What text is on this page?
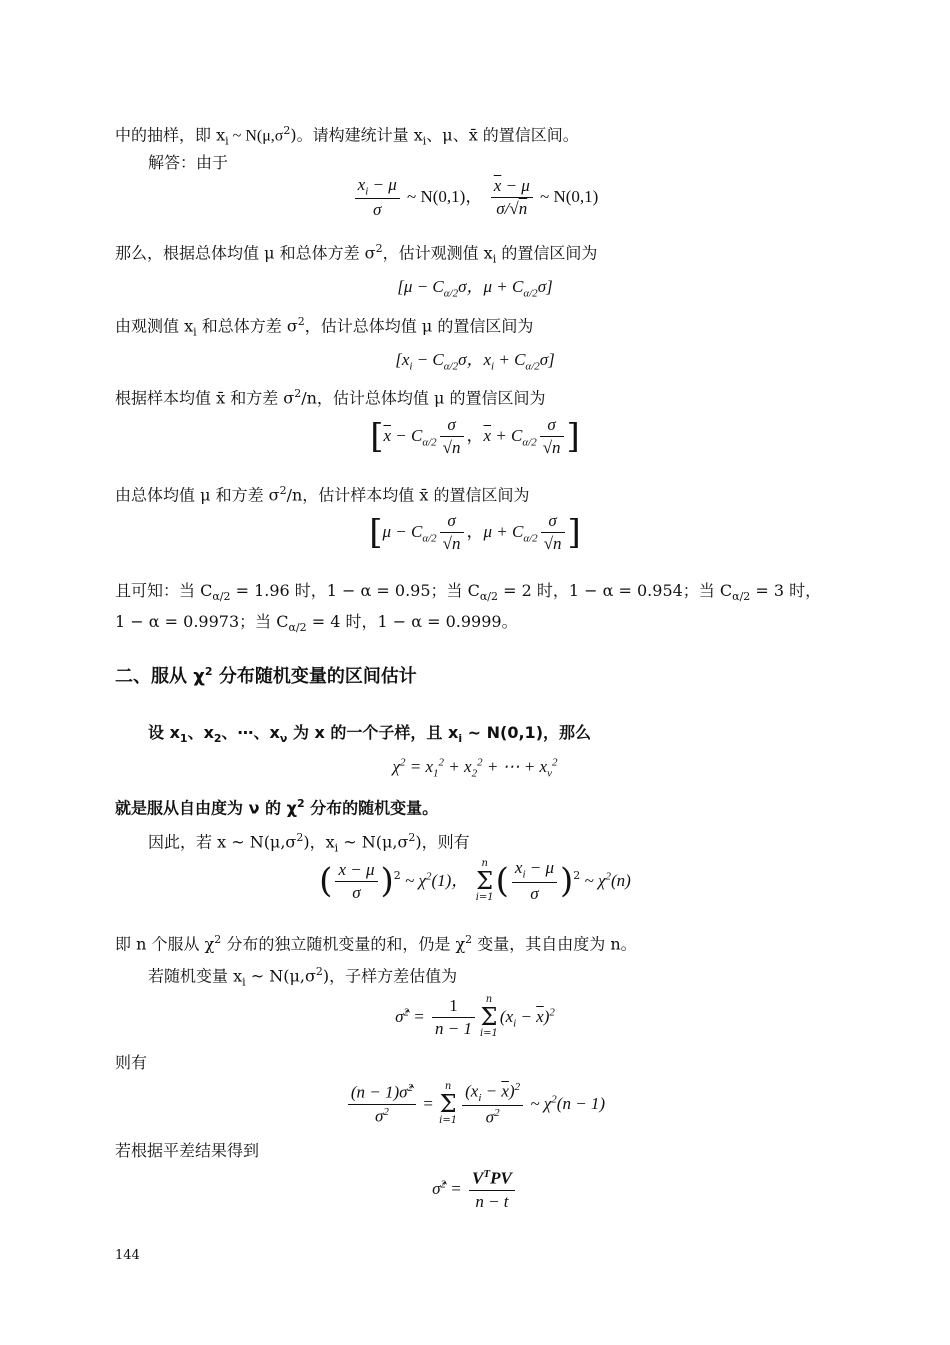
中的抽样，即 $x_i$ ~ $N(\mu,\sigma^2)$。请构建统计量 $x_i$、μ、x̄ 的置信区间。
解答：由于
$\frac{x_i - \mu}{\sigma}$ ~ N(0,1)， $\frac{\overline{x} - \mu}{\sigma/√n}$ ~ N(0,1)
那么，根据总体均值 μ 和总体方差 $\sigma^2$，估计观测值 $x_i$ 的置信区间为
[$\mu - C_{\alpha/2}\sigma$，$\mu + C_{\alpha/2}\sigma$]
由观测值 $x_i$ 和总体方差 $\sigma^2$，估计总体均值 μ 的置信区间为
[$x_i - C_{\alpha/2}\sigma$，$x_i + C_{\alpha/2}\sigma$]
根据样本均值 x̄ 和方差 $\sigma^2/n$，估计总体均值 μ 的置信区间为
[$\overline{x} - C_{\alpha/2} \frac{\sigma}{√n}$ ，$\overline{x} + C_{\alpha/2} \frac{\sigma}{√n}$ ]
由总体均值 μ 和方差 $\sigma^2/n$，估计样本均值 x̄ 的置信区间为
[$\mu - C_{\alpha/2} \frac{\sigma}{√n}$ ，$\mu + C_{\alpha/2} \frac{\sigma}{√n}$ ]
且可知：当 $C_{\alpha/2} = 1.96$ 时，1 − α = 0.95；当 $C_{\alpha/2} = 2$ 时，1 − α = 0.954；当 $C_{\alpha/2} = 3$ 时，
1 − α = 0.9973；当 $C_{\alpha/2} = 4$ 时，1 − α = 0.9999。
二、服从 $\chi^2$ 分布随机变量的区间估计
设 $x_1$、$x_2$、⋯、$x_\nu$ 为 x 的一个子样，且 $x_i$ ~ N(0,1)，那么
$\chi^2 = x_1^2 + x_2^2$ + ⋯ + $x_\nu^2$
就是服从自由度为 ν 的 $\chi^2$ 分布的随机变量。
因此，若 x ~ $N(\mu,\sigma^2)$，$x_i$ ~ $N(\mu,\sigma^2)$，则有
( $\frac{x - \mu}{\sigma} )^2$ ~ $\chi^2(1)$，
n
Σ
i=1 ( $\frac{x_i - \mu}{\sigma} )^2$ ~ $\chi^2(n)$
即 n 个服从 $\chi^2$ 分布的独立随机变量的和，仍是 $\chi^2$ 变量，其自由度为 n。
若随机变量 $x_i$ ~ $N(\mu,\sigma^2)$，子样方差估值为
σ̂$^2$ = $\frac{1}{n - 1}$	n
Σ
i=1
$(x_i - \overline{x})^2$
则有
$\frac{(n - 1)\sigmâ^2}{\sigma^2}$ =
n
Σ
$i=1 \frac{(x_i - \overline{x})^2}{\sigma^2}$ ~ $\chi^2(n - 1)$
若根据平差结果得到
σ̂$^2$ = $\frac{V^TPV}{n - t}$
144
